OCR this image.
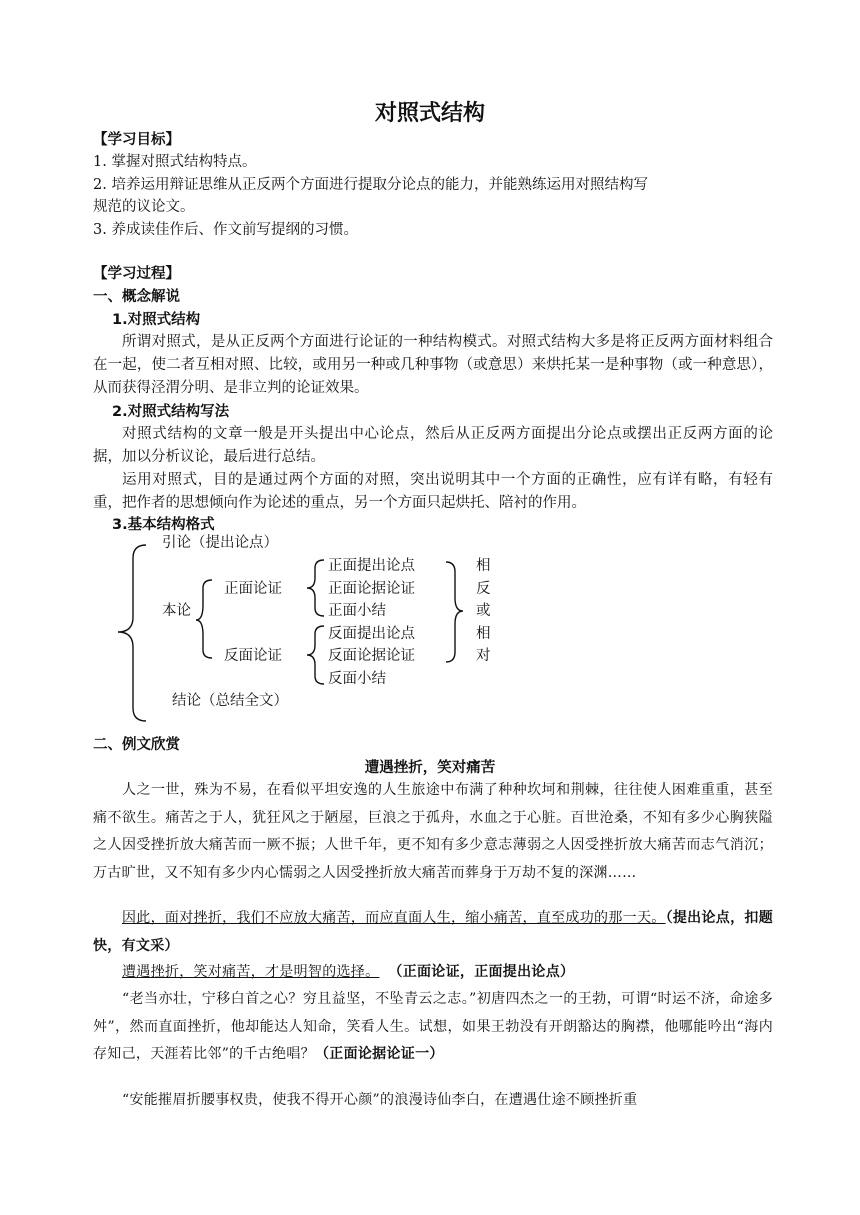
对照式结构
【学习目标】
1. 掌握对照式结构特点。
2. 培养运用辩证思维从正反两个方面进行提取分论点的能力，并能熟练运用对照结构写
规范的议论文。
3. 养成读佳作后、作文前写提纲的习惯。
【学习过程】
一、概念解说
1.对照式结构
所谓对照式，是从正反两个方面进行论证的一种结构模式。对照式结构大多是将正反两方面材料组合在一起，使二者互相对照、比较，或用另一种或几种事物（或意思）来烘托某一是种事物（或一种意思），从而获得泾渭分明、是非立判的论证效果。
2.对照式结构写法
对照式结构的文章一般是开头提出中心论点，然后从正反两方面提出分论点或摆出正反两方面的论据，加以分析议论，最后进行总结。
运用对照式，目的是通过两个方面的对照，突出说明其中一个方面的正确性，应有详有略，有轻有重，把作者的思想倾向作为论述的重点，另一个方面只起烘托、陪衬的作用。
3.基本结构格式
引论（提出论点）
本论
正面论证
反面论证
正面提出论点
正面论据论证
正面小结
反面提出论点
反面论据论证
反面小结
相
反
或
相
对
结论（总结全文）
二、例文欣赏
遭遇挫折，笑对痛苦
人之一世，殊为不易，在看似平坦安逸的人生旅途中布满了种种坎坷和荆棘，往往使人困难重重，甚至痛不欲生。痛苦之于人，犹狂风之于陋屋，巨浪之于孤舟，水血之于心脏。百世沧桑，不知有多少心胸狭隘之人因受挫折放大痛苦而一厥不振；人世千年，更不知有多少意志薄弱之人因受挫折放大痛苦而志气消沉；万古旷世，又不知有多少内心懦弱之人因受挫折放大痛苦而葬身于万劫不复的深渊……
因此，面对挫折，我们不应放大痛苦，而应直面人生，缩小痛苦，直至成功的那一天。（提出论点，扣题快，有文采）
遭遇挫折，笑对痛苦，才是明智的选择。 （正面论证，正面提出论点）
“老当亦壮，宁移白首之心？穷且益坚，不坠青云之志。”初唐四杰之一的王勃，可谓“时运不济，命途多舛”，然而直面挫折，他却能达人知命，笑看人生。试想，如果王勃没有开朗豁达的胸襟，他哪能吟出“海内存知己，天涯若比邻”的千古绝唱？（正面论据论证一）
“安能摧眉折腰事权贵，使我不得开心颜”的浪漫诗仙李白，在遭遇仕途不顾挫折重
